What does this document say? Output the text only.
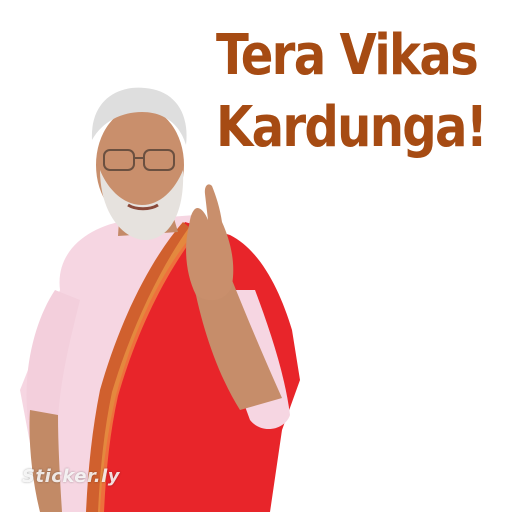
Tera Vikas
Kardunga!
Sticker.ly
